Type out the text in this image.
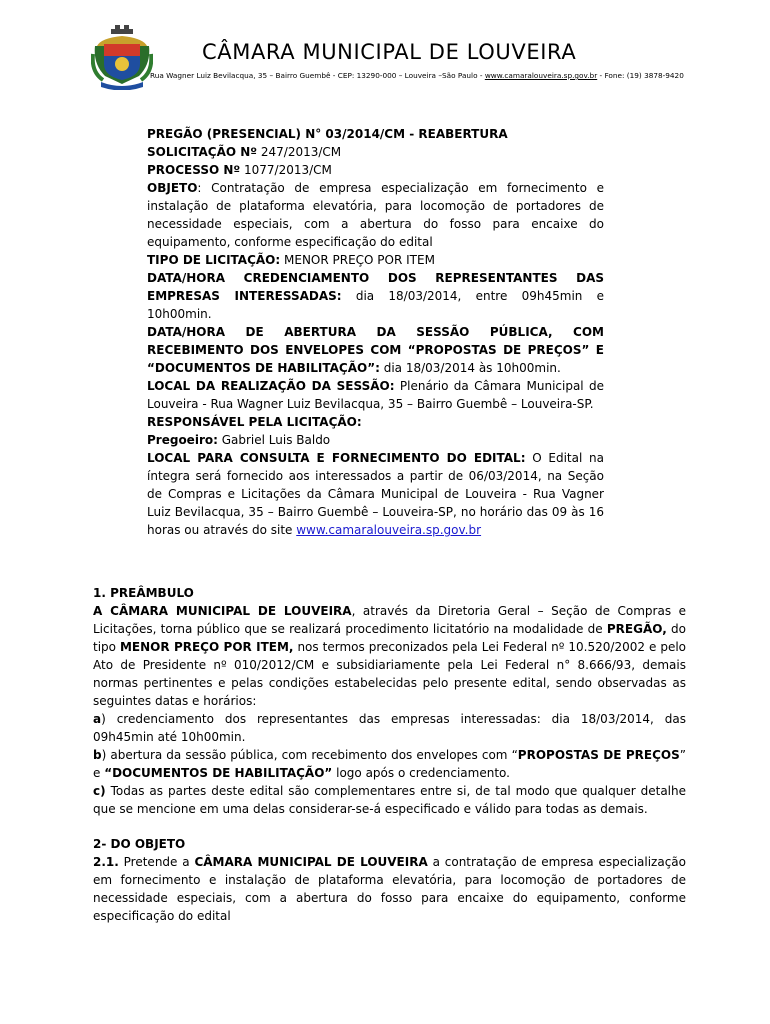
CÂMARA MUNICIPAL DE LOUVEIRA
Rua Wagner Luiz Bevilacqua, 35 – Bairro Guembê - CEP: 13290-000 – Louveira –São Paulo - www.camaralouveira.sp.gov.br - Fone: (19) 3878-9420
PREGÃO (PRESENCIAL) N° 03/2014/CM - REABERTURA
SOLICITAÇÃO Nº 247/2013/CM
PROCESSO Nº 1077/2013/CM
OBJETO: Contratação de empresa especialização em fornecimento e instalação de plataforma elevatória, para locomoção de portadores de necessidade especiais, com a abertura do fosso para encaixe do equipamento, conforme especificação do edital
TIPO DE LICITAÇÃO: MENOR PREÇO POR ITEM
DATA/HORA CREDENCIAMENTO DOS REPRESENTANTES DAS EMPRESAS INTERESSADAS: dia 18/03/2014, entre 09h45min e 10h00min.
DATA/HORA DE ABERTURA DA SESSÃO PÚBLICA, COM RECEBIMENTO DOS ENVELOPES COM “PROPOSTAS DE PREÇOS” E “DOCUMENTOS DE HABILITAÇÃO”: dia 18/03/2014 às 10h00min.
LOCAL DA REALIZAÇÃO DA SESSÃO: Plenário da Câmara Municipal de Louveira - Rua Wagner Luiz Bevilacqua, 35 – Bairro Guembê – Louveira-SP.
RESPONSÁVEL PELA LICITAÇÃO:
Pregoeiro: Gabriel Luis Baldo
LOCAL PARA CONSULTA E FORNECIMENTO DO EDITAL: O Edital na íntegra será fornecido aos interessados a partir de 06/03/2014, na Seção de Compras e Licitações da Câmara Municipal de Louveira - Rua Vagner Luiz Bevilacqua, 35 – Bairro Guembê – Louveira-SP, no horário das 09 às 16 horas ou através do site www.camaralouveira.sp.gov.br
1. PREÂMBULO
A CÂMARA MUNICIPAL DE LOUVEIRA, através da Diretoria Geral – Seção de Compras e Licitações, torna público que se realizará procedimento licitatório na modalidade de PREGÃO, do tipo MENOR PREÇO POR ITEM, nos termos preconizados pela Lei Federal nº 10.520/2002 e pelo Ato de Presidente nº 010/2012/CM e subsidiariamente pela Lei Federal n° 8.666/93, demais normas pertinentes e pelas condições estabelecidas pelo presente edital, sendo observadas as seguintes datas e horários:
a) credenciamento dos representantes das empresas interessadas: dia 18/03/2014, das 09h45min até 10h00min.
b) abertura da sessão pública, com recebimento dos envelopes com “PROPOSTAS DE PREÇOS” e “DOCUMENTOS DE HABILITAÇÃO” logo após o credenciamento.
c) Todas as partes deste edital são complementares entre si, de tal modo que qualquer detalhe que se mencione em uma delas considerar-se-á especificado e válido para todas as demais.
2- DO OBJETO
2.1. Pretende a CÂMARA MUNICIPAL DE LOUVEIRA a contratação de empresa especialização em fornecimento e instalação de plataforma elevatória, para locomoção de portadores de necessidade especiais, com a abertura do fosso para encaixe do equipamento, conforme especificação do edital
